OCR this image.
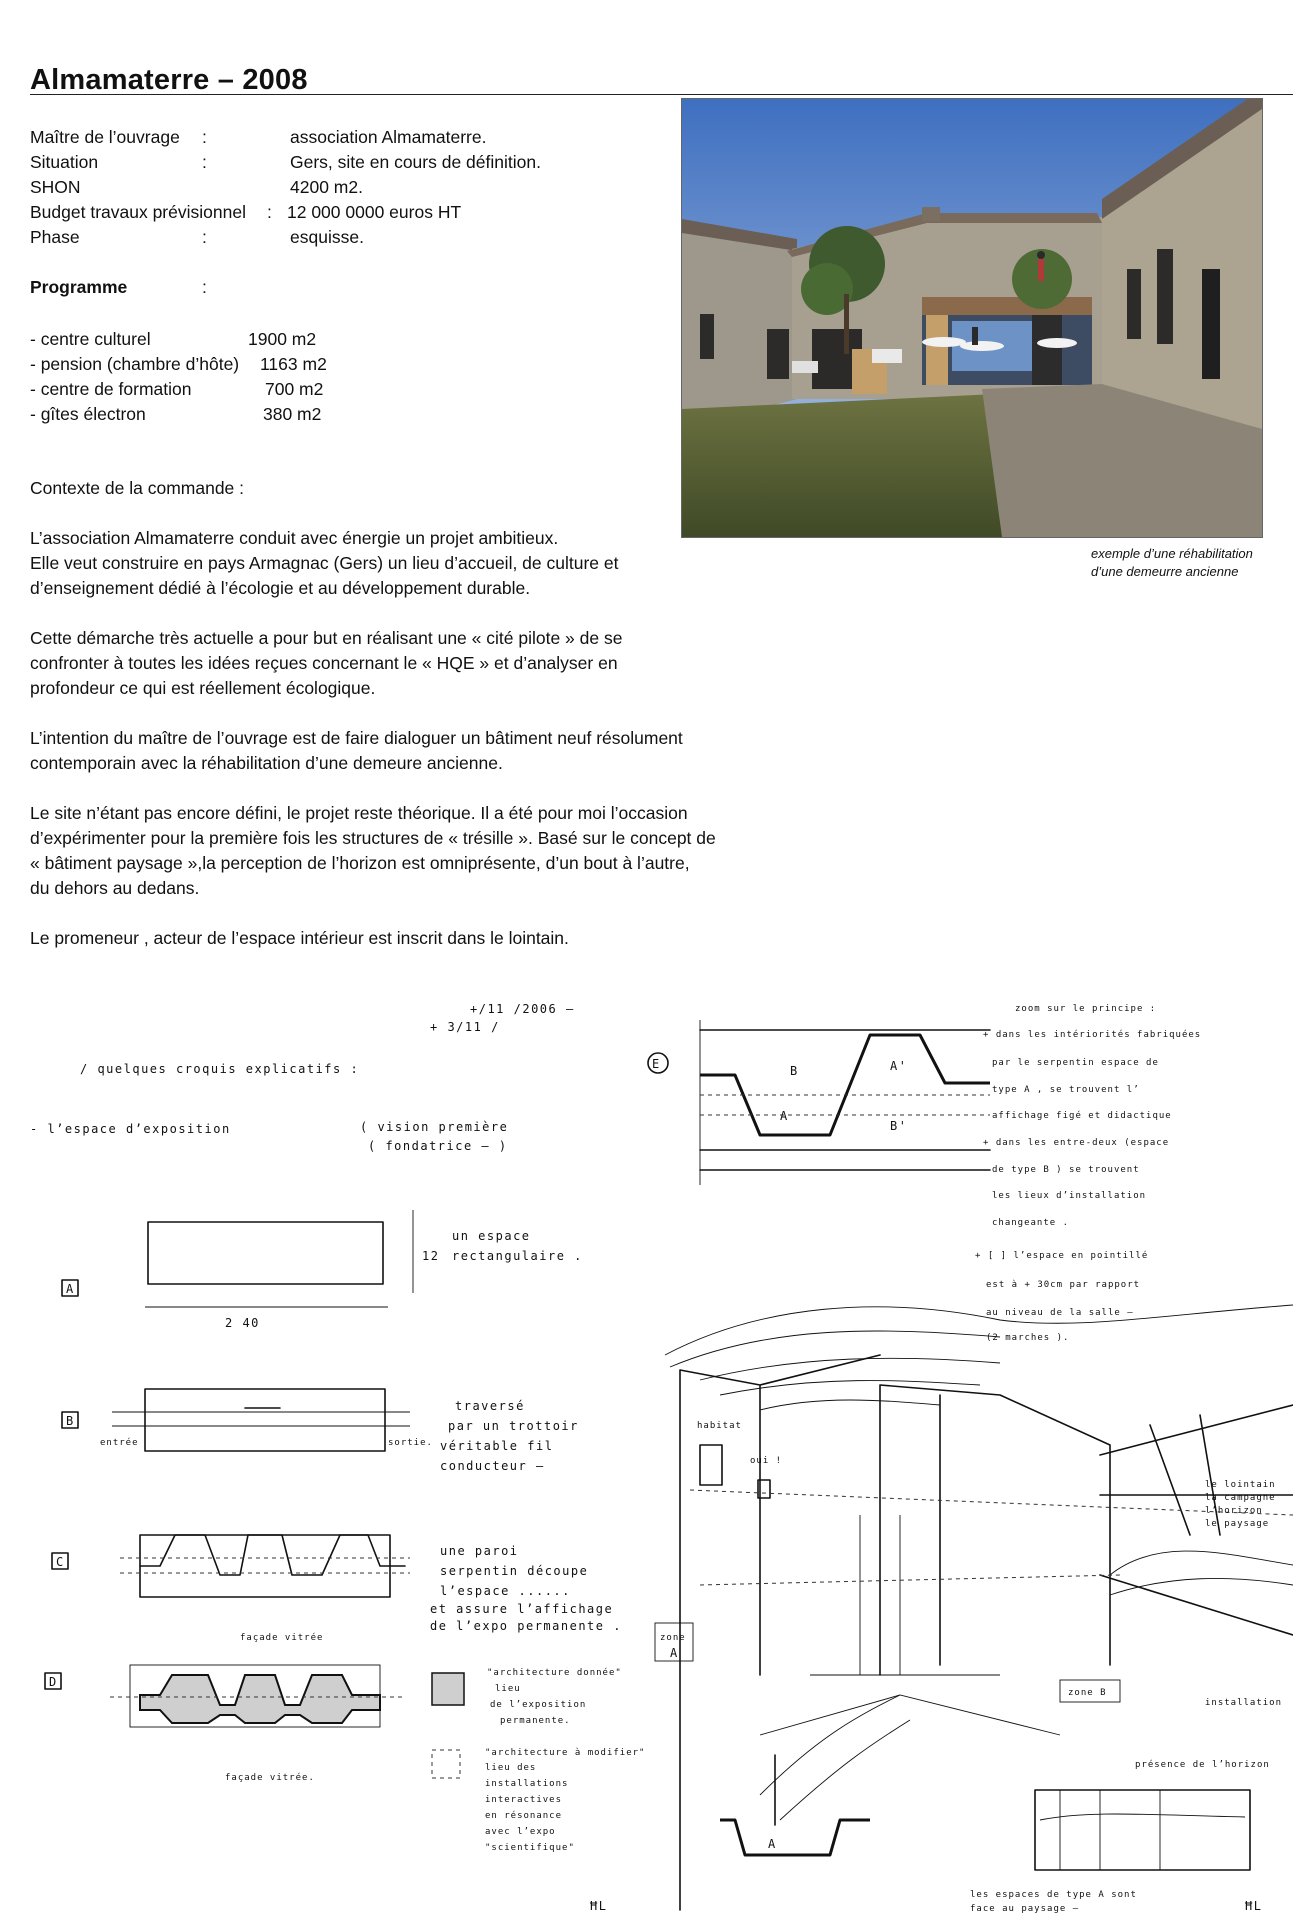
Almamaterre – 2008
Maître de l’ouvrage :	association Almamaterre.
Situation	:	Gers, site en cours de définition.
SHON	4200 m2.
Budget travaux prévisionnel : 12 000 0000 euros HT
Phase	:	esquisse.
Programme	:
- centre culturel	1900 m2
- pension (chambre d’hôte) 1163 m2
- centre de formation	700 m2
- gîtes électron	380 m2

Contexte de la commande :

L’association Almamaterre conduit avec énergie un projet ambitieux.
Elle veut construire en pays Armagnac (Gers) un lieu d’accueil, de culture et
d’enseignement dédié à l’écologie et au développement durable.

Cette démarche très actuelle a pour but en réalisant une « cité pilote » de se
confronter à toutes les idées reçues concernant le « HQE » et d’analyser en
profondeur ce qui est réellement écologique.

L’intention du maître de l’ouvrage est de faire dialoguer un bâtiment neuf résolument
contemporain avec la réhabilitation d’une demeure ancienne.

Le site n’étant pas encore défini, le projet reste théorique. Il a été pour moi l’occasion
d’expérimenter pour la première fois les structures de « trésille ». Basé sur le concept de
« bâtiment paysage »,la perception de l’horizon est omniprésente, d’un bout à l’autre,
du dehors au dedans.

Le promeneur , acteur de l’espace intérieur est inscrit dans le lointain.

exemple d’une réhabilitation
d’une demeurre ancienne
+/11 /2006 —
+ 3/11 /
/ quelques croquis explicatifs :
- l’espace d’exposition	( vision première
( fondatrice — )
A
2 40
12
un espace
rectangulaire .
B
entrée	sortie.
traversé
par un trottoir
véritable fil
conducteur —
C
une paroi
serpentin découpe
l’espace ......
et assure l’affichage
de l’expo permanente .
façade vitrée
D
façade vitrée.
"architecture donnée"
lieu
de l’exposition
permanente.
"architecture à modifier"
lieu des
installations
interactives
en résonance
avec l’expo
"scientifique"
ĦL
E	B	A'
A
B'
zoom sur le principe :
+ dans les intériorités fabriquées
par le serpentin espace de
type A , se trouvent l’
affichage figé et didactique
+ dans les entre-deux (espace
de type B ) se trouvent
les lieux d’installation
changeante .
+ [ ] l’espace en pointillé
est à + 30cm par rapport
au niveau de la salle —
(2 marches ).
habitat
oui !
zone
A
zone B
le lointain
la campagne
l’horizon
le paysage
installation
présence de l’horizon
A
les espaces de type A sont
face au paysage —	ĦL
